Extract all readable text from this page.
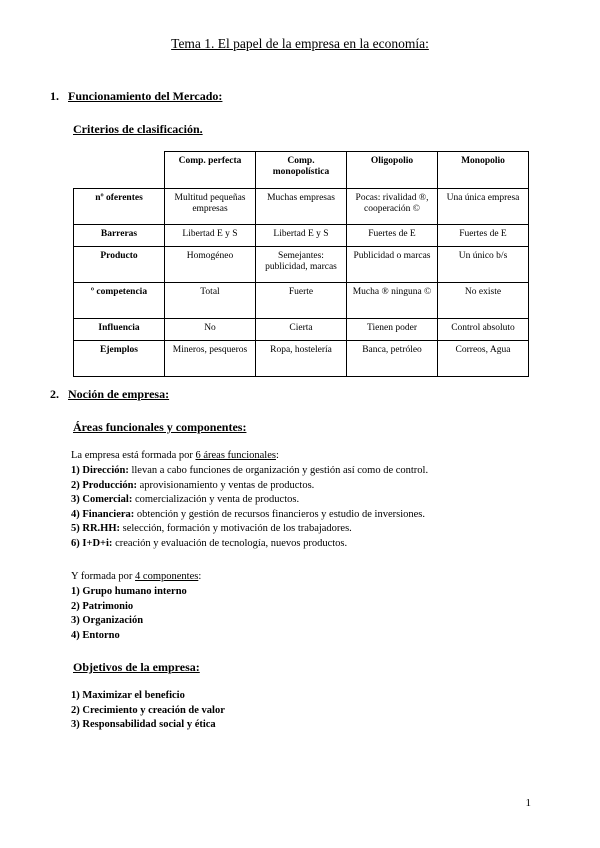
Tema 1. El papel de la empresa en la economía:
1. Funcionamiento del Mercado:
Criterios de clasificación.
	Comp. perfecta	Comp. monopolística	Oligopolio	Monopolio
nº oferentes	Multitud pequeñas empresas	Muchas empresas	Pocas: rivalidad ®, cooperación ©	Una única empresa
Barreras	Libertad E y S	Libertad E y S	Fuertes de E	Fuertes de E
Producto	Homogéneo	Semejantes: publicidad, marcas	Publicidad o marcas	Un único b/s
º competencia	Total	Fuerte	Mucha ® ninguna ©	No existe
Influencia	No	Cierta	Tienen poder	Control absoluto
Ejemplos	Mineros, pesqueros	Ropa, hostelería	Banca, petróleo	Correos, Agua
2. Noción de empresa:
Áreas funcionales y componentes:
La empresa está formada por 6 áreas funcionales:
1) Dirección: llevan a cabo funciones de organización y gestión así como de control.
2) Producción: aprovisionamiento y ventas de productos.
3) Comercial: comercialización y venta de productos.
4) Financiera: obtención y gestión de recursos financieros y estudio de inversiones.
5) RR.HH: selección, formación y motivación de los trabajadores.
6) I+D+i: creación y evaluación de tecnología, nuevos productos.
Y formada por 4 componentes:
1) Grupo humano interno
2) Patrimonio
3) Organización
4) Entorno
Objetivos de la empresa:
1) Maximizar el beneficio
2) Crecimiento y creación de valor
3) Responsabilidad social y ética
1
